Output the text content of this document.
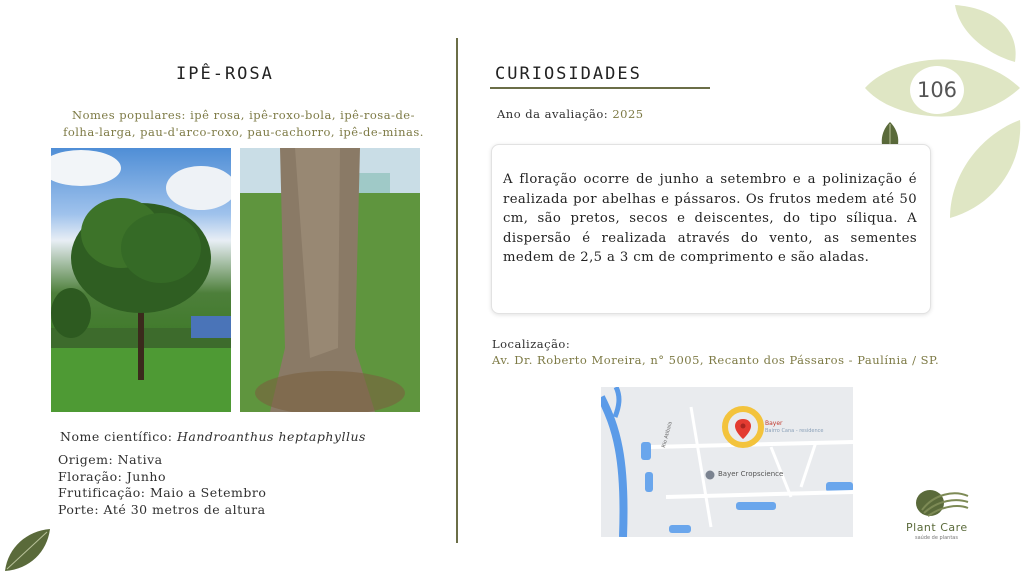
106
IPÊ-ROSA
Nomes populares: ipê rosa, ipê-roxo-bola, ipê-rosa-de-
folha-larga, pau-d'arco-roxo, pau-cachorro, ipê-de-minas.
Nome científico: Handroanthus heptaphyllus
Origem: Nativa
Floração: Junho
Frutificação: Maio a Setembro
Porte: Até 30 metros de altura
CURIOSIDADES
Ano da avaliação: 2025
A floração ocorre de junho a setembro e a polinização é realizada por abelhas e pássaros. Os frutos medem até 50 cm, são pretos, secos e deiscentes, do tipo síliqua. A dispersão é realizada através do vento, as sementes medem de 2,5 a 3 cm de comprimento e são aladas.
Localização:
Av. Dr. Roberto Moreira, n° 5005, Recanto dos Pássaros - Paulínia / SP.
Bayer
Bairro Cana - residence
Bayer Cropscience
Rio Atibaia
Plant Care
saúde de plantas
